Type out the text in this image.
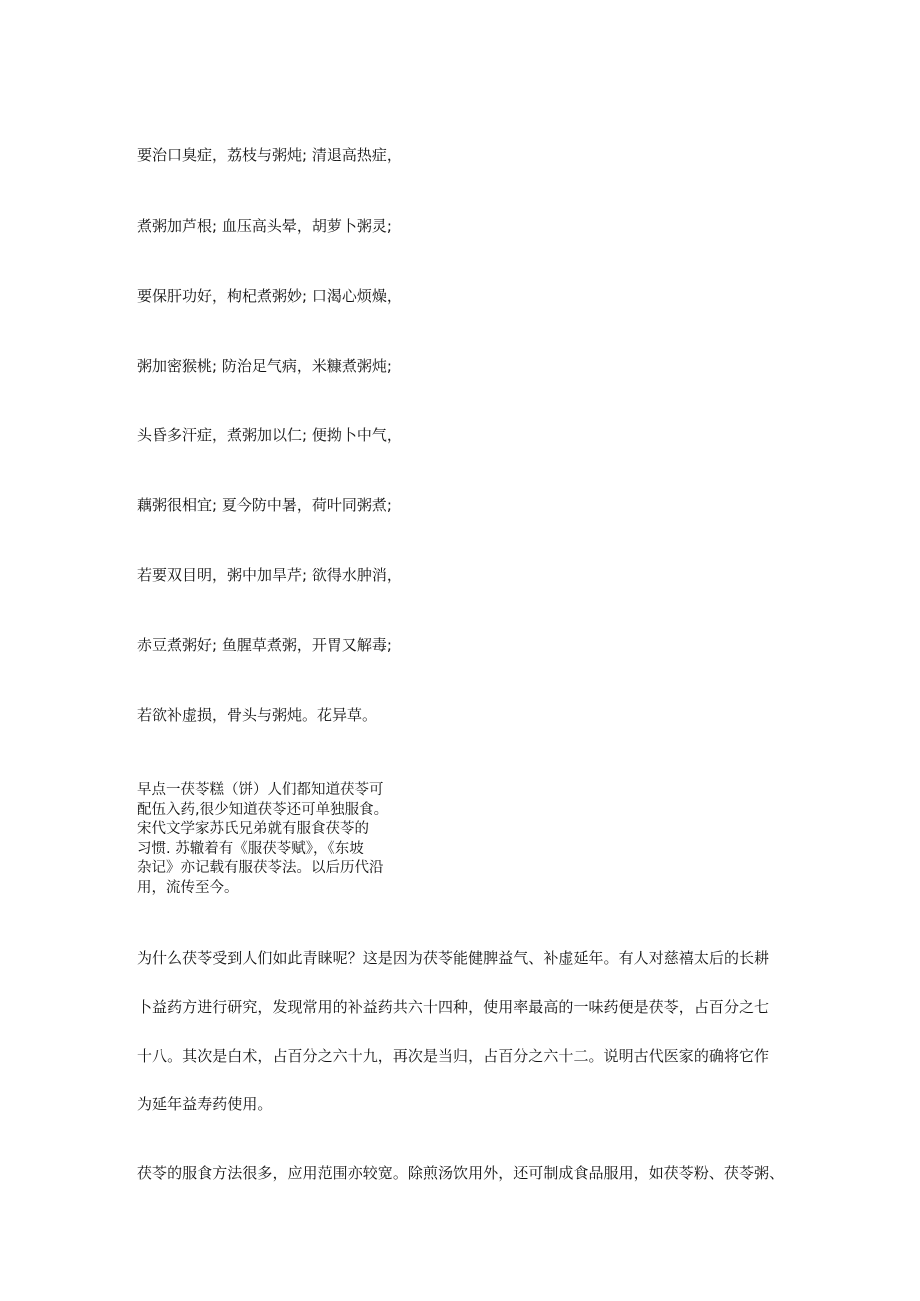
要治口臭症，荔枝与粥炖; 清退高热症，
煮粥加芦根; 血压高头晕，胡萝卜粥灵;
要保肝功好，枸杞煮粥妙; 口渴心烦燥，
粥加密猴桃; 防治足气病，米糠煮粥炖;
头昏多汗症，煮粥加以仁; 便拗卜中气，
藕粥很相宜; 夏今防中暑，荷叶同粥煮;
若要双目明，粥中加旱芹; 欲得水肿消，
赤豆煮粥好; 鱼腥草煮粥，开胃又解毒;
若欲补虚损，骨头与粥炖。花异草。
早点一茯苓糕（饼）人们都知道茯苓可
配伍入药,很少知道茯苓还可单独服食。
宋代文学家苏氏兄弟就有服食茯苓的
习惯. 苏辙着有《服茯苓赋》，《东坡
杂记》亦记载有服茯苓法。以后历代沿
用，流传至今。
为什么茯苓受到人们如此青睐呢？这是因为茯苓能健脾益气、补虚延年。有人对慈禧太后的长耕
卜益药方进行研究，发现常用的补益药共六十四种，使用率最高的一味药便是茯苓，占百分之七
十八。其次是白术，占百分之六十九，再次是当归，占百分之六十二。说明古代医家的确将它作
为延年益寿药使用。
茯苓的服食方法很多，应用范围亦较宽。除煎汤饮用外，还可制成食品服用，如茯苓粉、茯苓粥、
